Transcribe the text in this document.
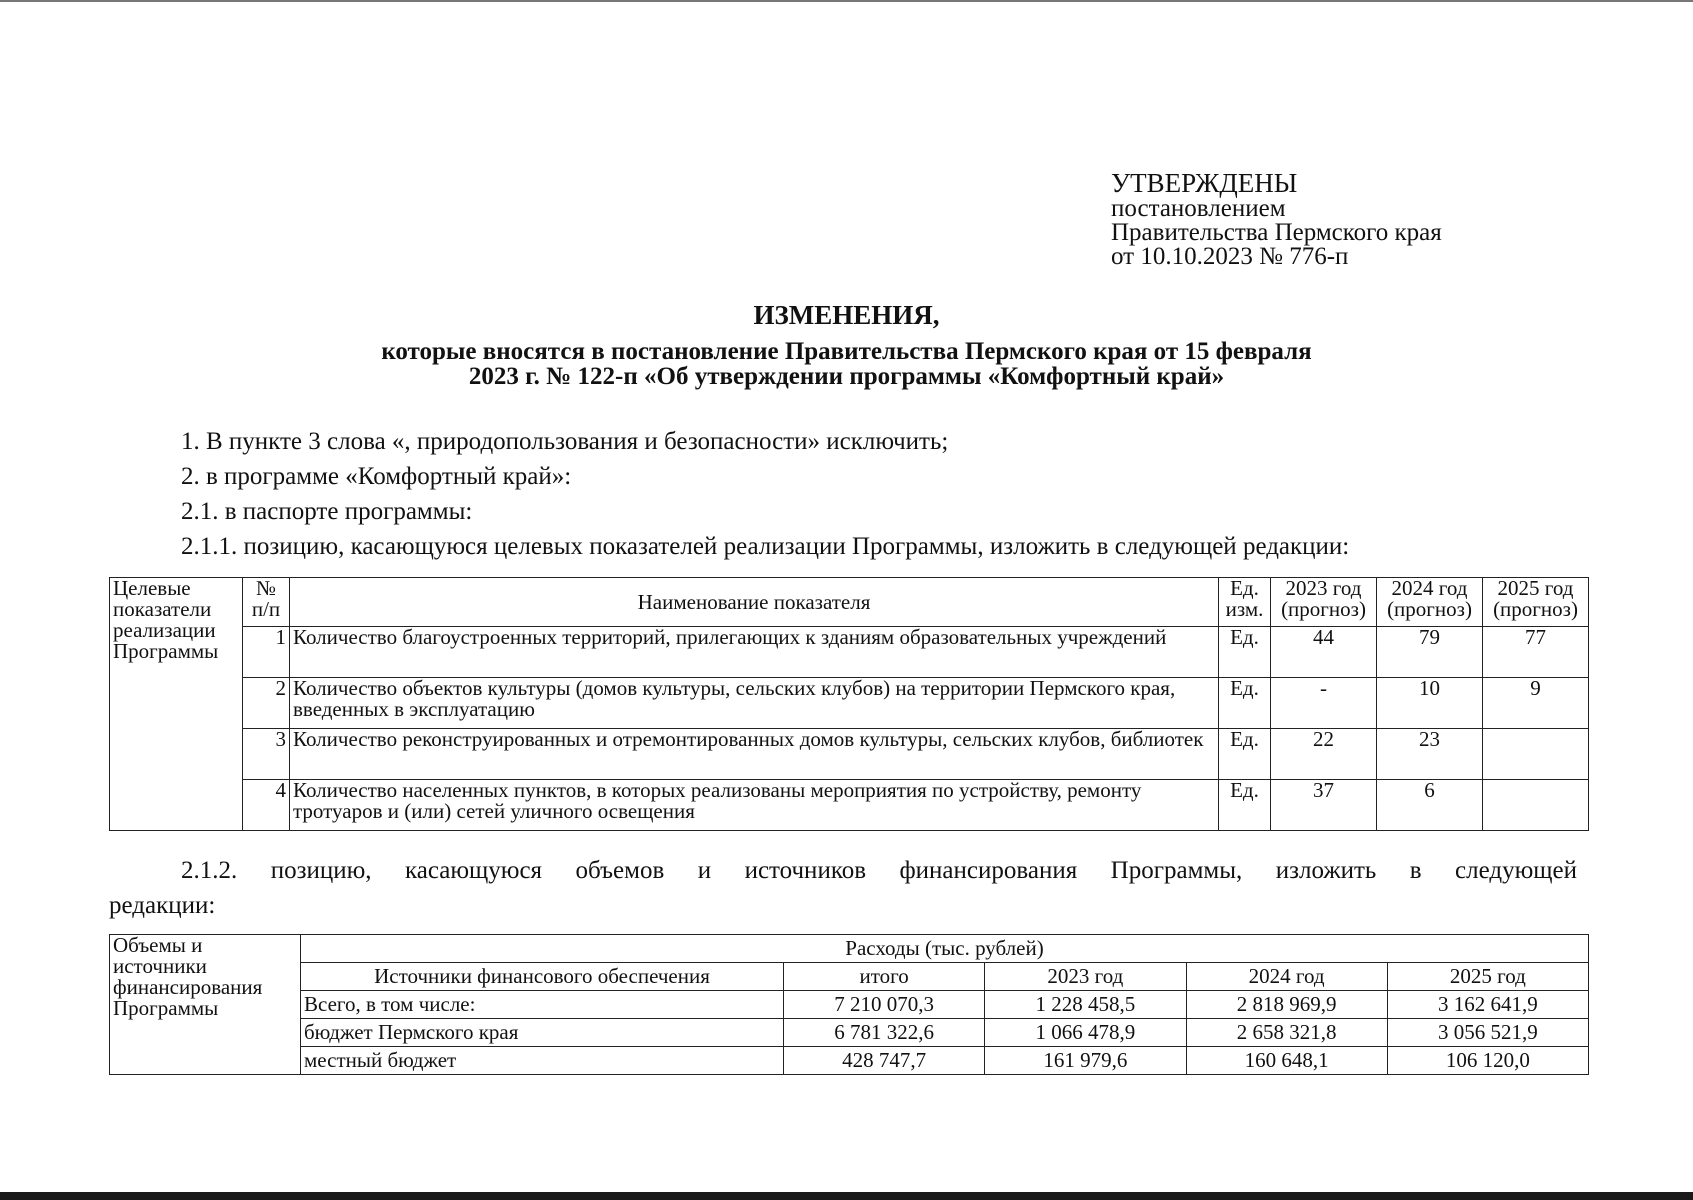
УТВЕРЖДЕНЫ
постановлением
Правительства Пермского края
от 10.10.2023 № 776-п
ИЗМЕНЕНИЯ,
которые вносятся в постановление Правительства Пермского края от 15 февраля
2023 г. № 122-п «Об утверждении программы «Комфортный край»
1. В пункте 3 слова «, природопользования и безопасности» исключить;
2. в программе «Комфортный край»:
2.1. в паспорте программы:
2.1.1. позицию, касающуюся целевых показателей реализации Программы, изложить в следующей редакции:
Целевые показатели реализации Программы	№ п/п	Наименование показателя	Ед. изм.	2023 год (прогноз)	2024 год (прогноз)	2025 год (прогноз)
	1	Количество благоустроенных территорий, прилегающих к зданиям образовательных учреждений	Ед.	44	79	77
	2	Количество объектов культуры (домов культуры, сельских клубов) на территории Пермского края, введенных в эксплуатацию	Ед.	-	10	9
	3	Количество реконструированных и отремонтированных домов культуры, сельских клубов, библиотек	Ед.	22	23	
	4	Количество населенных пунктов, в которых реализованы мероприятия по устройству, ремонту тротуаров и (или) сетей уличного освещения	Ед.	37	6	
2.1.2. позицию, касающуюся объемов и источников финансирования Программы, изложить в следующей
редакции:
Объемы и источники финансирования Программы	Расходы (тыс. рублей)				
	Источники финансового обеспечения	итого	2023 год	2024 год	2025 год
	Всего, в том числе:	7 210 070,3	1 228 458,5	2 818 969,9	3 162 641,9
	бюджет Пермского края	6 781 322,6	1 066 478,9	2 658 321,8	3 056 521,9
	местный бюджет	428 747,7	161 979,6	160 648,1	106 120,0
